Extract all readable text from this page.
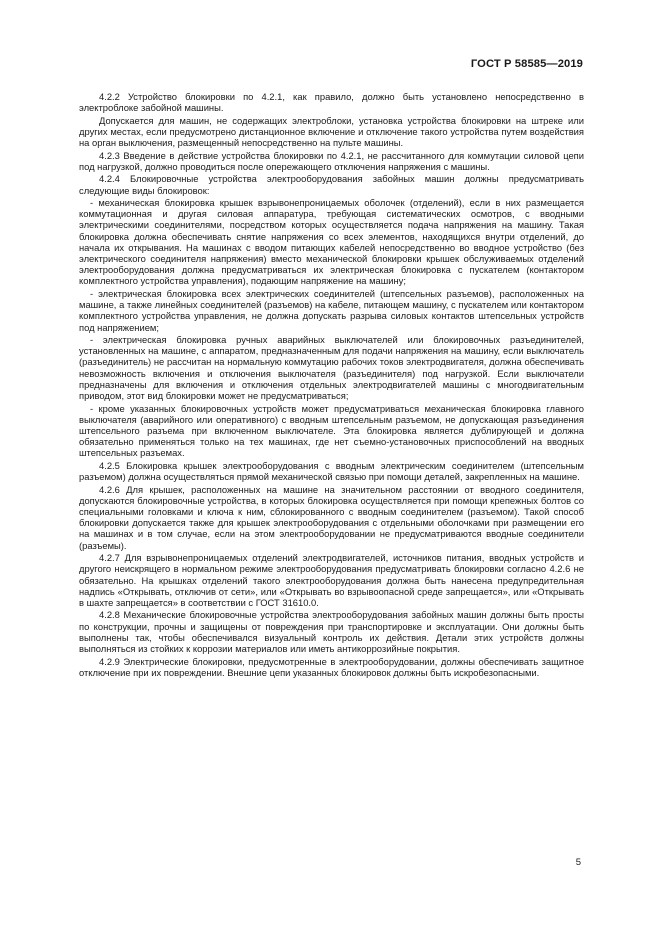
ГОСТ Р 58585—2019

4.2.2 Устройство блокировки по 4.2.1, как правило, должно быть установлено непосредственно в электроблоке забойной машины.

Допускается для машин, не содержащих электроблоки, установка устройства блокировки на штреке или других местах, если предусмотрено дистанционное включение и отключение такого устройства путем воздействия на орган выключения, размещенный непосредственно на пульте машины.

4.2.3 Введение в действие устройства блокировки по 4.2.1, не рассчитанного для коммутации силовой цепи под нагрузкой, должно проводиться после опережающего отключения напряжения с машины.

4.2.4 Блокировочные устройства электрооборудования забойных машин должны предусматривать следующие виды блокировок:

- механическая блокировка крышек взрывонепроницаемых оболочек (отделений), если в них размещается коммутационная и другая силовая аппаратура, требующая систематических осмотров, с вводными электрическими соединителями, посредством которых осуществляется подача напряжения на машину. Такая блокировка должна обеспечивать снятие напряжения со всех элементов, находящихся внутри отделений, до начала их открывания. На машинах с вводом питающих кабелей непосредственно во вводное устройство (без электрического соединителя напряжения) вместо механической блокировки крышек обслуживаемых отделений электрооборудования должна предусматриваться их электрическая блокировка с пускателем (контактором комплектного устройства управления), подающим напряжение на машину;

- электрическая блокировка всех электрических соединителей (штепсельных разъемов), расположенных на машине, а также линейных соединителей (разъемов) на кабеле, питающем машину, с пускателем или контактором комплектного устройства управления, не должна допускать разрыва силовых контактов штепсельных устройств под напряжением;

- электрическая блокировка ручных аварийных выключателей или блокировочных разъединителей, установленных на машине, с аппаратом, предназначенным для подачи напряжения на машину, если выключатель (разъединитель) не рассчитан на нормальную коммутацию рабочих токов электродвигателя, должна обеспечивать невозможность включения и отключения выключателя (разъединителя) под нагрузкой. Если выключатели предназначены для включения и отключения отдельных электродвигателей машины с многодвигательным приводом, этот вид блокировки может не предусматриваться;

- кроме указанных блокировочных устройств может предусматриваться механическая блокировка главного выключателя (аварийного или оперативного) с вводным штепсельным разъемом, не допускающая разъединения штепсельного разъема при включенном выключателе. Эта блокировка является дублирующей и должна обязательно применяться только на тех машинах, где нет съемно-установочных приспособлений на вводных штепсельных разъемах.

4.2.5 Блокировка крышек электрооборудования с вводным электрическим соединителем (штепсельным разъемом) должна осуществляться прямой механической связью при помощи деталей, закрепленных на машине.

4.2.6 Для крышек, расположенных на машине на значительном расстоянии от вводного соединителя, допускаются блокировочные устройства, в которых блокировка осуществляется при помощи крепежных болтов со специальными головками и ключа к ним, сблокированного с вводным соединителем (разъемом). Такой способ блокировки допускается также для крышек электрооборудования с отдельными оболочками при размещении его на машинах и в том случае, если на этом электрооборудовании не предусматриваются вводные соединители (разъемы).

4.2.7 Для взрывонепроницаемых отделений электродвигателей, источников питания, вводных устройств и другого неискрящего в нормальном режиме электрооборудования предусматривать блокировки согласно 4.2.6 не обязательно. На крышках отделений такого электрооборудования должна быть нанесена предупредительная надпись «Открывать, отключив от сети», или «Открывать во взрывоопасной среде запрещается», или «Открывать в шахте запрещается» в соответствии с ГОСТ 31610.0.

4.2.8 Механические блокировочные устройства электрооборудования забойных машин должны быть просты по конструкции, прочны и защищены от повреждения при транспортировке и эксплуатации. Они должны быть выполнены так, чтобы обеспечивался визуальный контроль их действия. Детали этих устройств должны выполняться из стойких к коррозии материалов или иметь антикоррозийные покрытия.

4.2.9 Электрические блокировки, предусмотренные в электрооборудовании, должны обеспечивать защитное отключение при их повреждении. Внешние цепи указанных блокировок должны быть искробезопасными.

5
